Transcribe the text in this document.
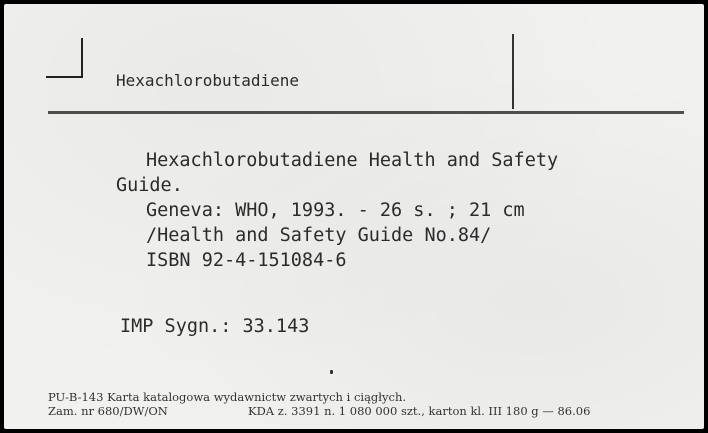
Hexachlorobutadiene
Hexachlorobutadiene Health and Safety
Guide.
Geneva: WHO, 1993. - 26 s. ; 21 cm
/Health and Safety Guide No.84/
ISBN 92-4-151084-6
IMP Sygn.: 33.143
PU-B-143 Karta katalogowa wydawnictw zwartych i ciągłych.
Zam. nr 680/DW/ON	KDA z. 3391 n. 1 080 000 szt., karton kl. III 180 g — 86.06
